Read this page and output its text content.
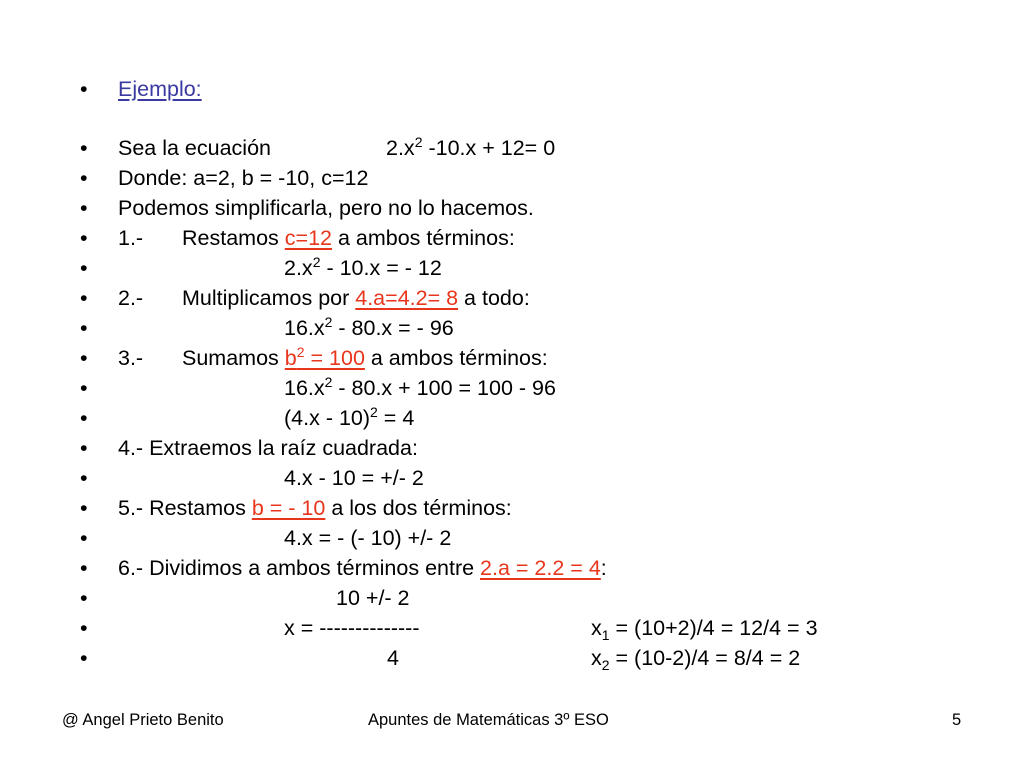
• Ejemplo:
• Sea la ecuación	$2.x^2$ -10.x + 12= 0
• Donde: a=2, b = -10, c=12
• Podemos simplificarla, pero no lo hacemos.
• 1.- Restamos c=12 a ambos términos:
•	$2.x^2 - 10.x$ = - 12
• 2.- Multiplicamos por 4.a=4.2= 8 a todo:
•	$16.x^2 - 80.x$ = - 96
• 3.- Sumamos $b^2 = 100$ a ambos términos:
•	$16.x^2 - 80.x + 100 = 100 - 96$
•	(4.x - 10)$^2$ = 4
• 4.- Extraemos la raíz cuadrada:
•	4.x - 10 = +/- 2
• 5.- Restamos b = - 10 a los dos términos:
•	4.x = - (- 10) +/- 2
• 6.- Dividimos a ambos términos entre 2.a = 2.2 = 4:
•	10 +/- 2
•	x = --------------	$x_1 = (10+2)/4 = 12/4 = 3$
•	4	$x_2 = (10-2)/4 = 8/4 = 2$
@ Angel Prieto Benito	Apuntes de Matemáticas 3º ESO	5
